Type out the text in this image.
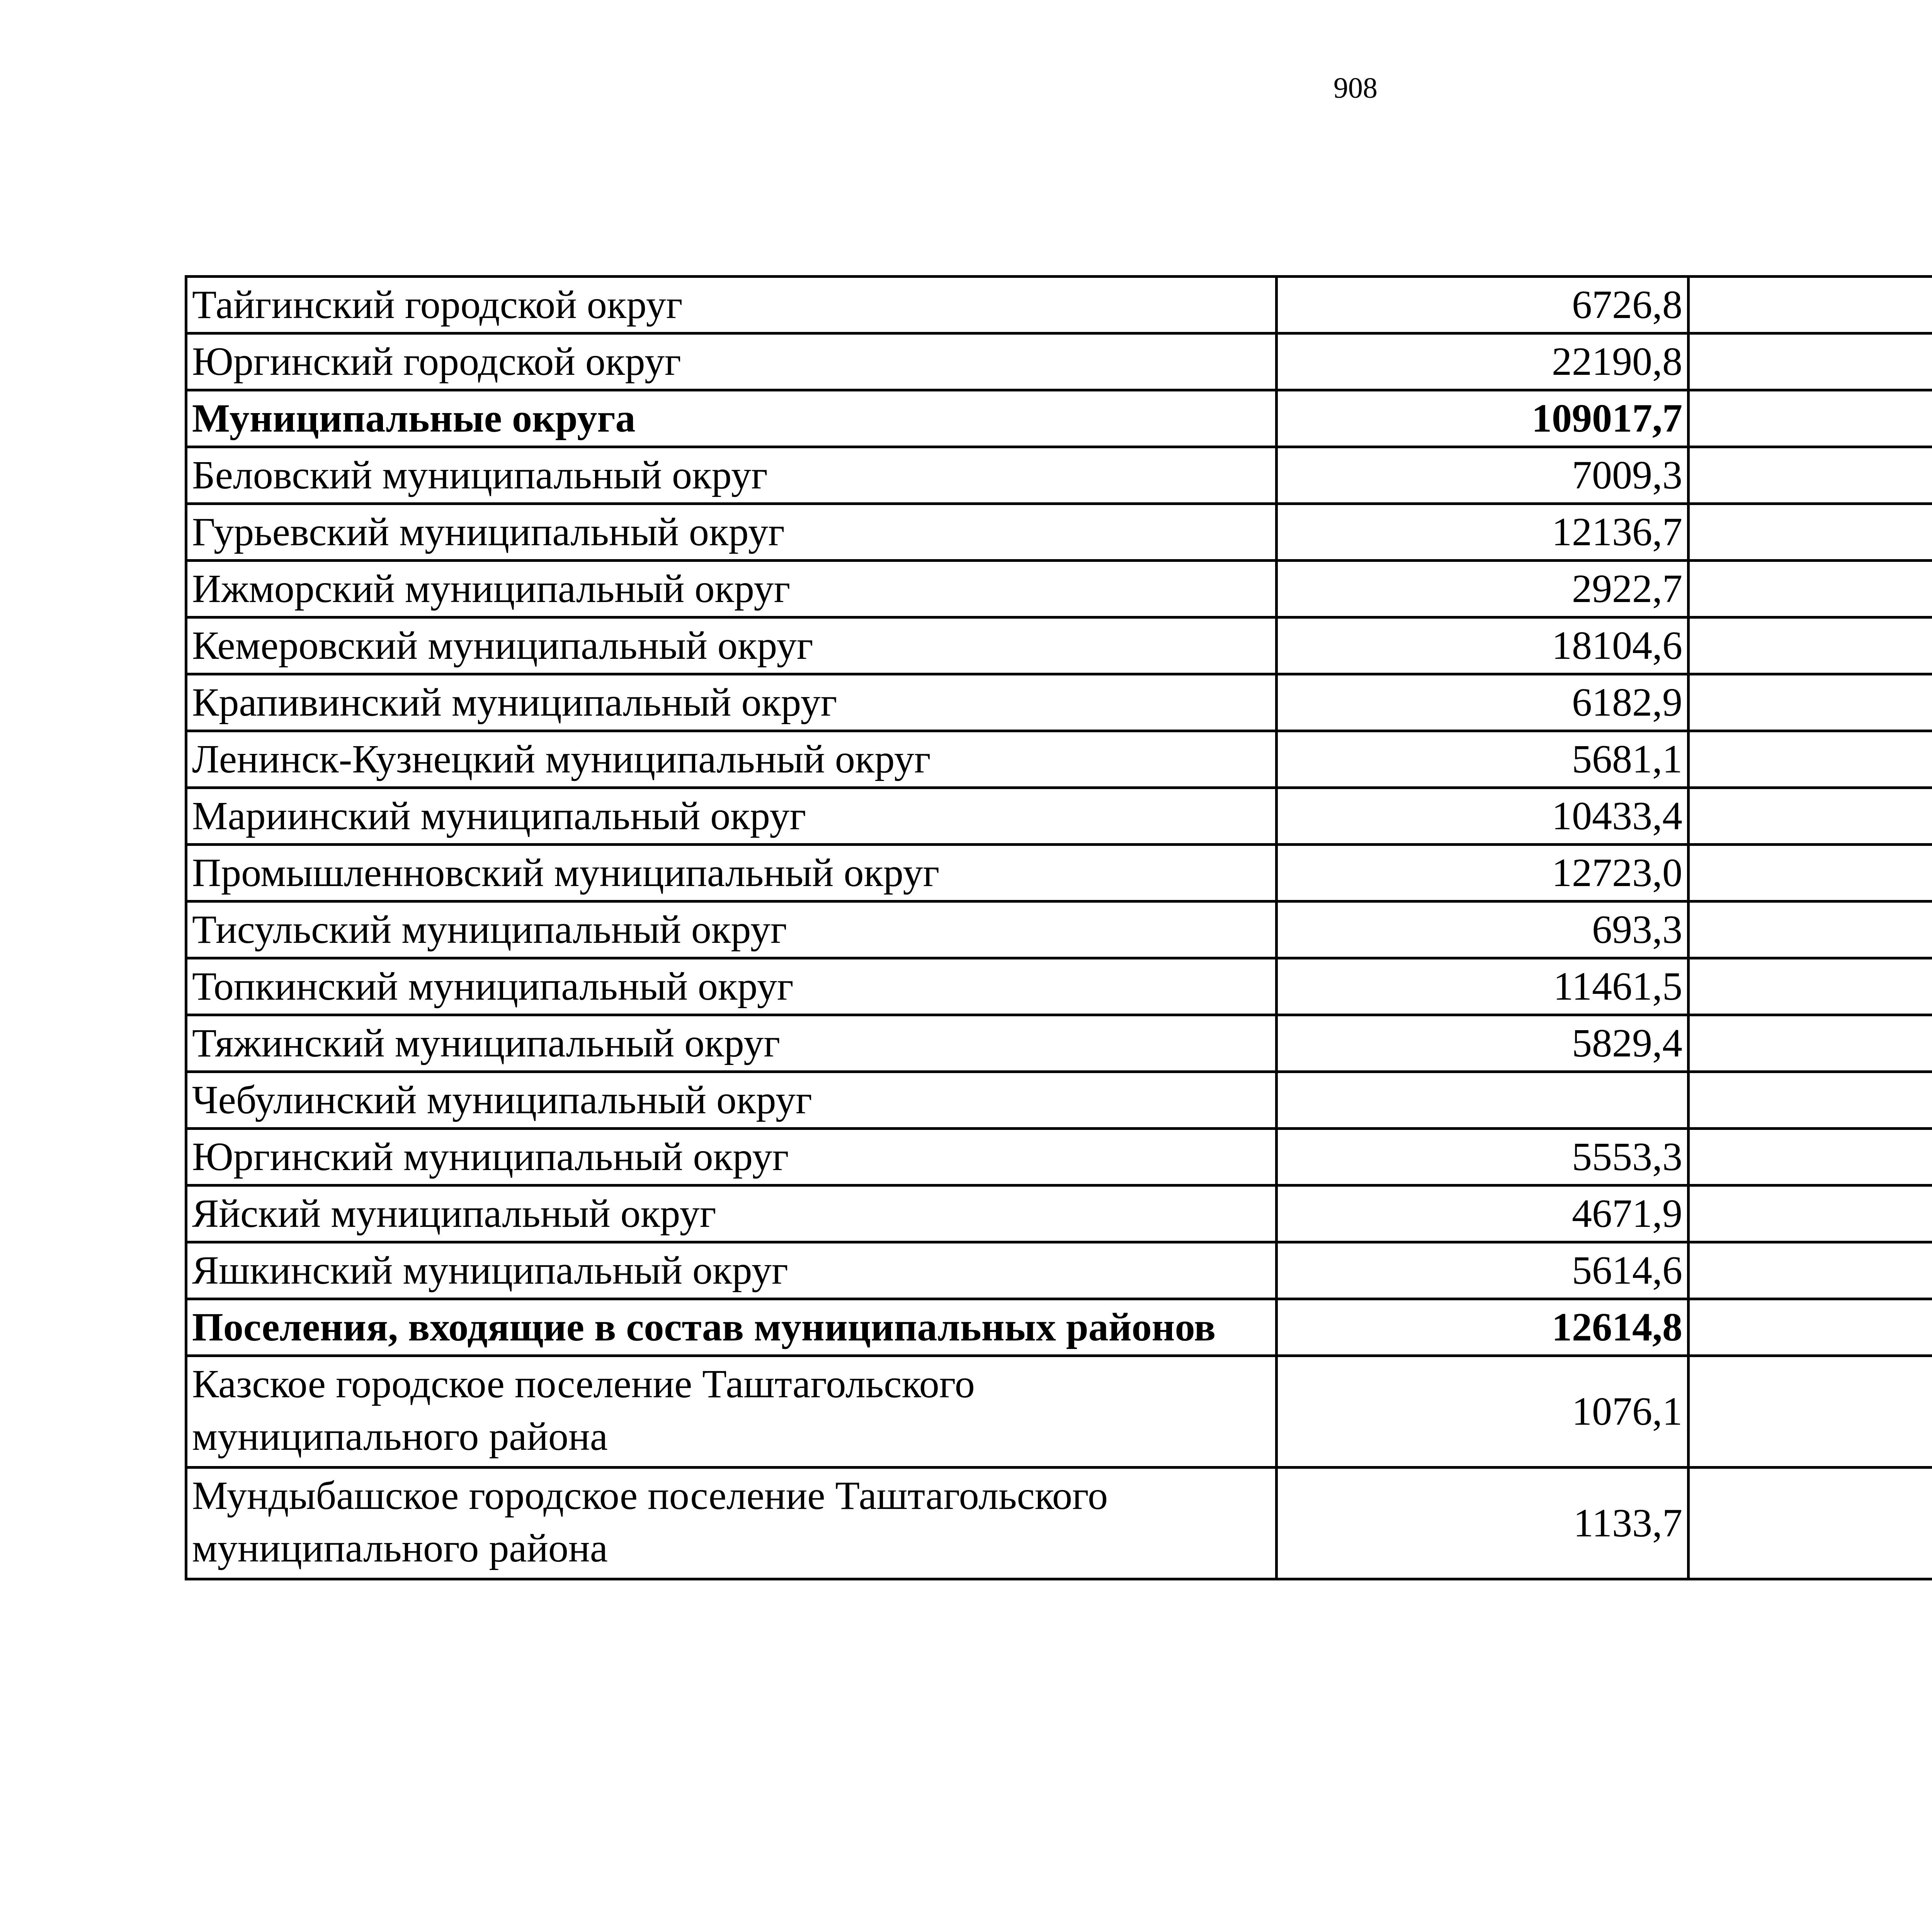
908
Тайгинский городской округ	6726,8		
Юргинский городской округ	22190,8		
Муниципальные округа	109017,7		
Беловский муниципальный округ	7009,3		
Гурьевский муниципальный округ	12136,7		
Ижморский муниципальный округ	2922,7		
Кемеровский муниципальный округ	18104,6		
Крапивинский муниципальный округ	6182,9		
Ленинск-Кузнецкий муниципальный округ	5681,1		
Мариинский муниципальный округ	10433,4		
Промышленновский муниципальный округ	12723,0		
Тисульский муниципальный округ	693,3		
Топкинский муниципальный округ	11461,5		
Тяжинский муниципальный округ	5829,4		
Чебулинский муниципальный округ			
Юргинский муниципальный округ	5553,3		
Яйский муниципальный округ	4671,9		
Яшкинский муниципальный округ	5614,6		
Поселения, входящие в состав муниципальных районов	12614,8		
Казское городское поселение Таштагольского муниципального района	1076,1		
Мундыбашское городское поселение Таштагольского муниципального района	1133,7		
